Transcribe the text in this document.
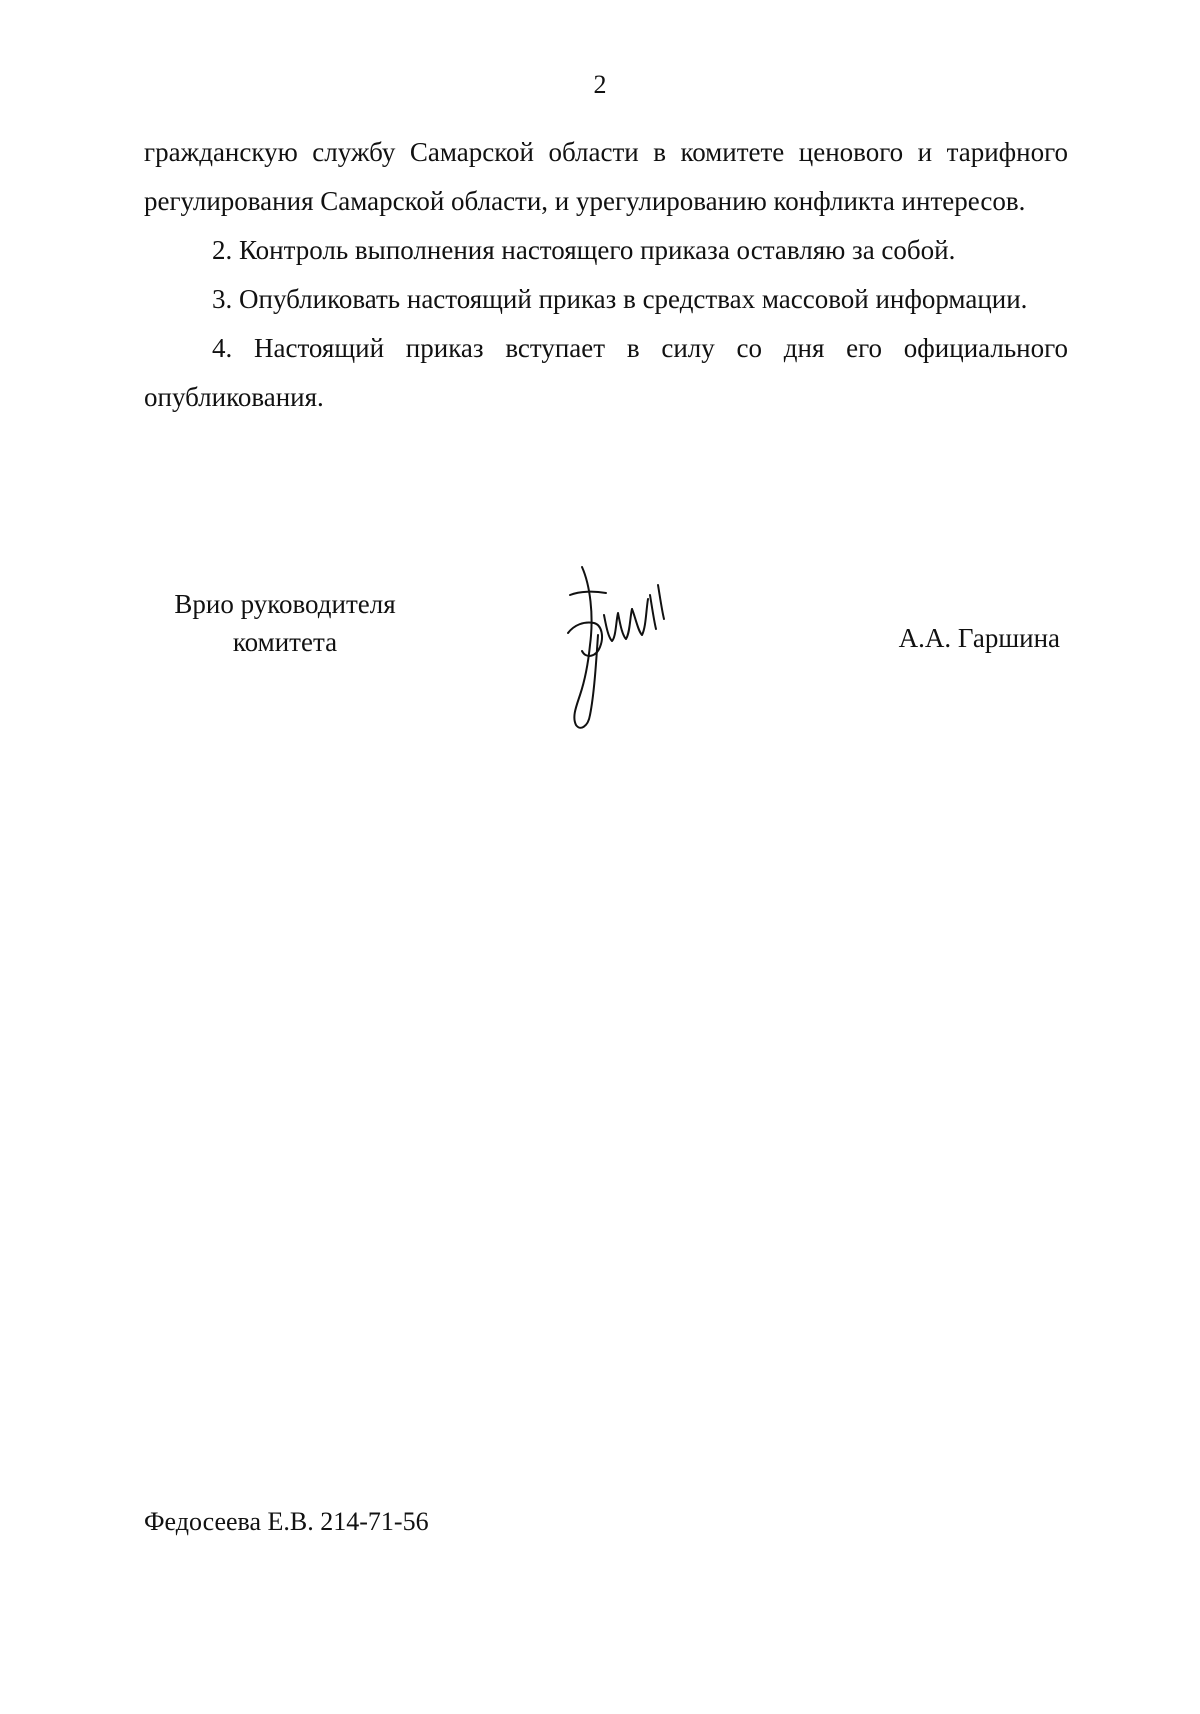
2

гражданскую службу Самарской области в комитете ценового и тарифного регулирования Самарской области, и урегулированию конфликта интересов.

2. Контроль выполнения настоящего приказа оставляю за собой.

3. Опубликовать настоящий приказ в средствах массовой информации.

4. Настоящий приказ вступает в силу со дня его официального опубликования.

Врио руководителя
комитета	А.А. Гаршина
Федосеева Е.В. 214-71-56
